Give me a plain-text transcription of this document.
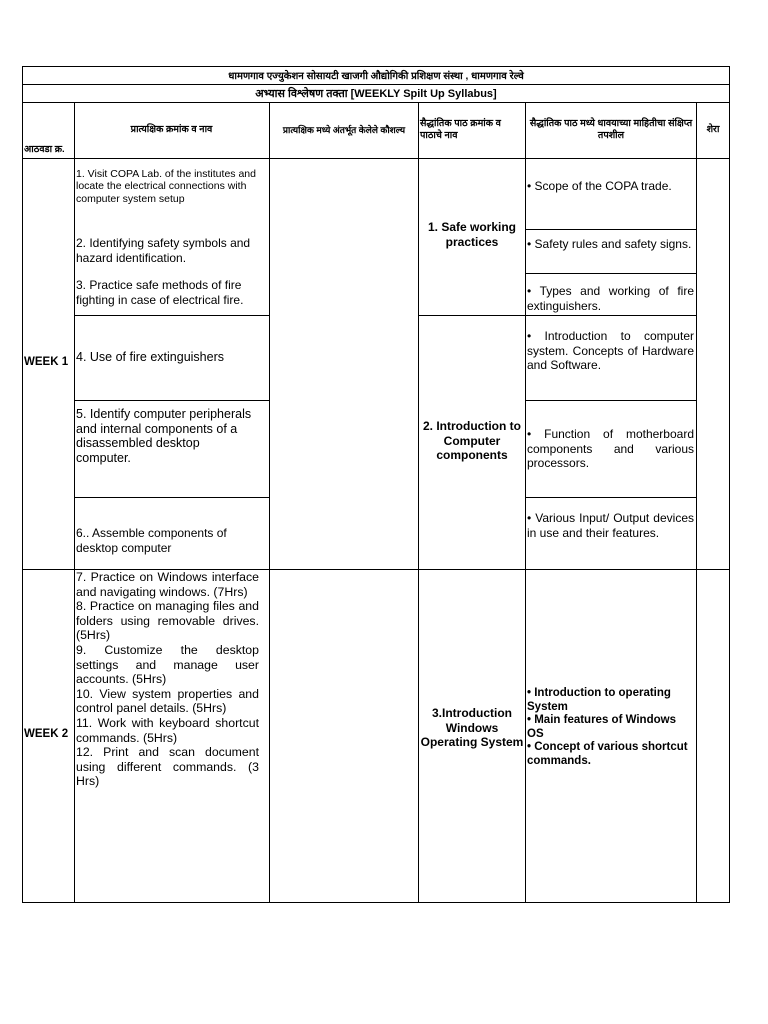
धामणगाव एज्युकेशन सोसायटी खाजगी औद्योगिकी प्रशिक्षण संस्था , धामणगाव रेल्वे
अभ्यास विश्लेषण तक्ता [WEEKLY Spilt Up Syllabus]
आठवडा क्र.
प्रात्यक्षिक क्रमांक व नाव	प्रात्यक्षिक मध्ये अंतर्भूत केलेले कौशल्य
सैद्धांतिक पाठ क्रमांक व पाठाचे नाव
सैद्धांतिक पाठ मध्ये धावयाच्या माहितीचा संक्षिप्त तपशील
शेरा
WEEK 1
1. Visit COPA Lab. of the institutes and locate the electrical connections with computer system setup
2. Identifying safety symbols and hazard identification.
3. Practice safe methods of fire fighting in case of electrical fire.
4. Use of fire extinguishers
5. Identify computer peripherals and internal components of a disassembled desktop computer.
6.. Assemble components of desktop computer
1. Safe working practices
2. Introduction to Computer components
• Scope of the COPA trade.
• Safety rules and safety signs.
• Types and working of fire extinguishers.
• Introduction to computer system. Concepts of Hardware and Software.
• Function of motherboard components and various processors.
• Various Input/ Output devices in use and their features.
WEEK 2
7. Practice on Windows interface and navigating windows. (7Hrs)
8. Practice on managing files and folders using removable drives. (5Hrs)
9. Customize the desktop settings and manage user accounts. (5Hrs)
10. View system properties and control panel details. (5Hrs)
11. Work with keyboard shortcut commands. (5Hrs)
12. Print and scan document using different commands. (3 Hrs)
3.Introduction Windows Operating System
• Introduction to operating System
• Main features of Windows OS
• Concept of various shortcut commands.
